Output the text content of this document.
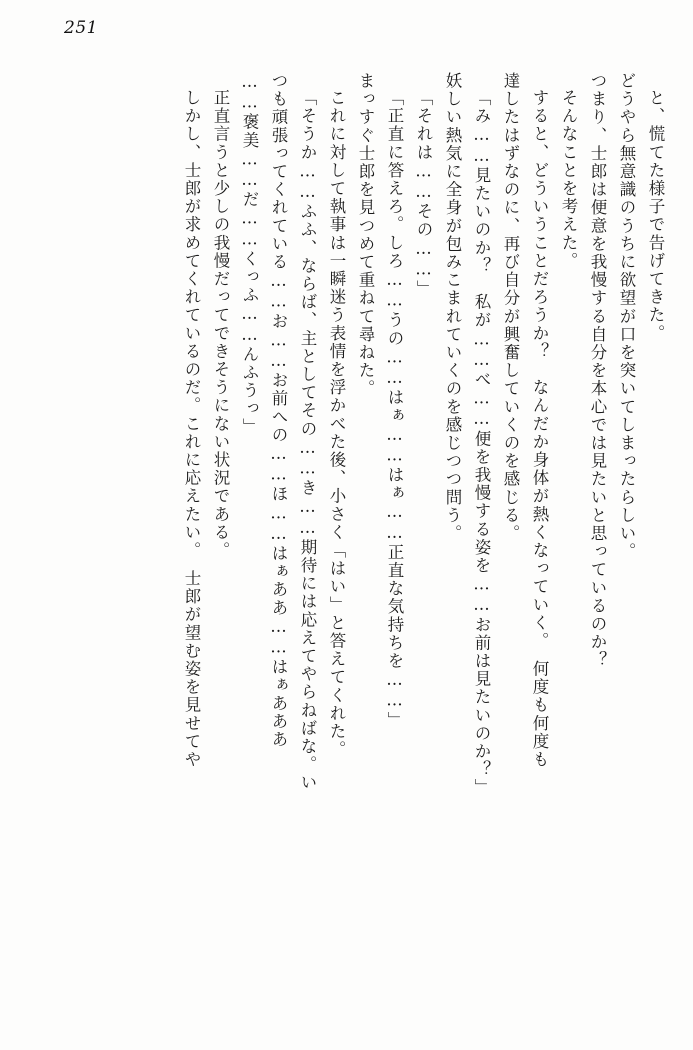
251
と、慌てた様子で告げてきた。
どうやら無意識のうちに欲望が口を突いてしまったらしい。
つまり、士郎は便意を我慢する自分を本心では見たいと思っているのか？
そんなことを考えた。
すると、どういうことだろうか？　なんだか身体が熱くなっていく。　何度も何度も
達したはずなのに、再び自分が興奮していくのを感じる。
「み……見たいのか？　私が……べ……便を我慢する姿を……お前は見たいのか？」
妖しい熱気に全身が包みこまれていくのを感じつつ問う。
「それは……その……」
「正直に答えろ。しろ……うの……はぁ……はぁ……正直な気持ちを……」
まっすぐ士郎を見つめて重ねて尋ねた。
これに対して執事は一瞬迷う表情を浮かべた後、小さく「はい」と答えてくれた。
「そうか……ふふ、ならば、主としてその……き……期待には応えてやらねばな。い
つも頑張ってくれている……お……お前への……ほ……はぁああ……はぁあああ
……褒美……だ……くっふ……んふうっ」
正直言うと少しの我慢だってできそうにない状況である。
しかし、士郎が求めてくれているのだ。これに応えたい。　士郎が望む姿を見せてや
